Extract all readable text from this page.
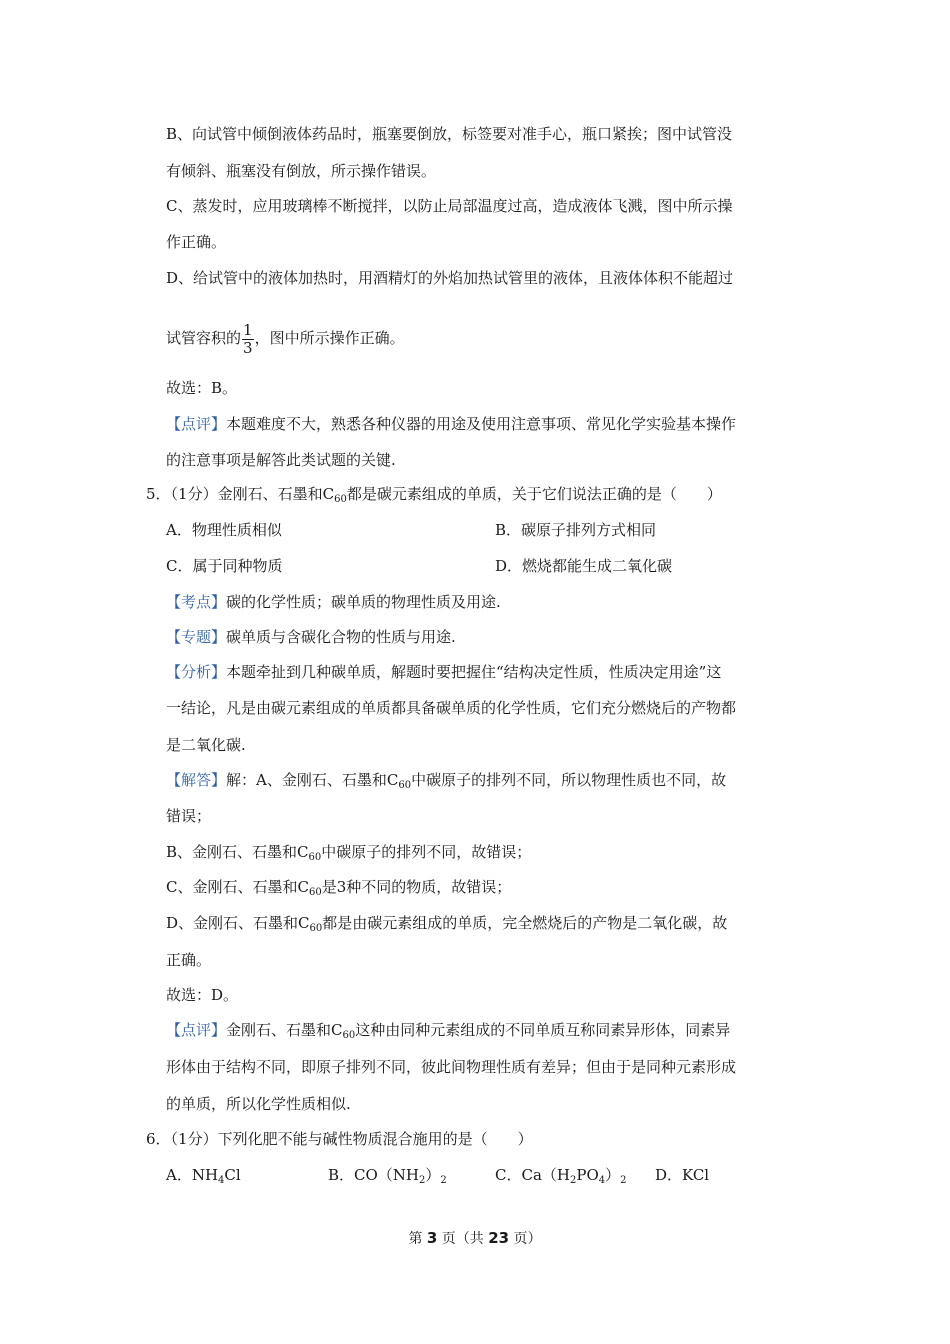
B、向试管中倾倒液体药品时，瓶塞要倒放，标签要对准手心，瓶口紧挨；图中试管没
有倾斜、瓶塞没有倒放，所示操作错误。
C、蒸发时，应用玻璃棒不断搅拌，以防止局部温度过高，造成液体飞溅，图中所示操
作正确。
D、给试管中的液体加热时，用酒精灯的外焰加热试管里的液体，且液体体积不能超过
试管容积的 $\frac{1}{3}$ ，图中所示操作正确。
故选：B。
【点评】本题难度不大，熟悉各种仪器的用途及使用注意事项、常见化学实验基本操作
的注意事项是解答此类试题的关键.
5．（1分）金刚石、石墨和$C_{60}$都是碳元素组成的单质，关于它们说法正确的是（　　）
A．物理性质相似	B．碳原子排列方式相同
C．属于同种物质	D．燃烧都能生成二氧化碳
【考点】碳的化学性质；碳单质的物理性质及用途.
【专题】碳单质与含碳化合物的性质与用途.
【分析】本题牵扯到几种碳单质，解题时要把握住“结构决定性质，性质决定用途”这
一结论，凡是由碳元素组成的单质都具备碳单质的化学性质，它们充分燃烧后的产物都
是二氧化碳.
【解答】解：A、金刚石、石墨和$C_{60}$中碳原子的排列不同，所以物理性质也不同，故
错误；
B、金刚石、石墨和$C_{60}$中碳原子的排列不同，故错误；
C、金刚石、石墨和$C_{60}$是3种不同的物质，故错误；
D、金刚石、石墨和$C_{60}$都是由碳元素组成的单质，完全燃烧后的产物是二氧化碳，故
正确。
故选：D。
【点评】金刚石、石墨和$C_{60}$这种由同种元素组成的不同单质互称同素异形体，同素异
形体由于结构不同，即原子排列不同，彼此间物理性质有差异；但由于是同种元素形成
的单质，所以化学性质相似.
6．（1分）下列化肥不能与碱性物质混合施用的是（　　）
A．$NH_4Cl$	B．$CO(NH_2)_2$	C．$Ca(H_2PO_4)_2$ D．KCl
第 3 页（共 23 页）
